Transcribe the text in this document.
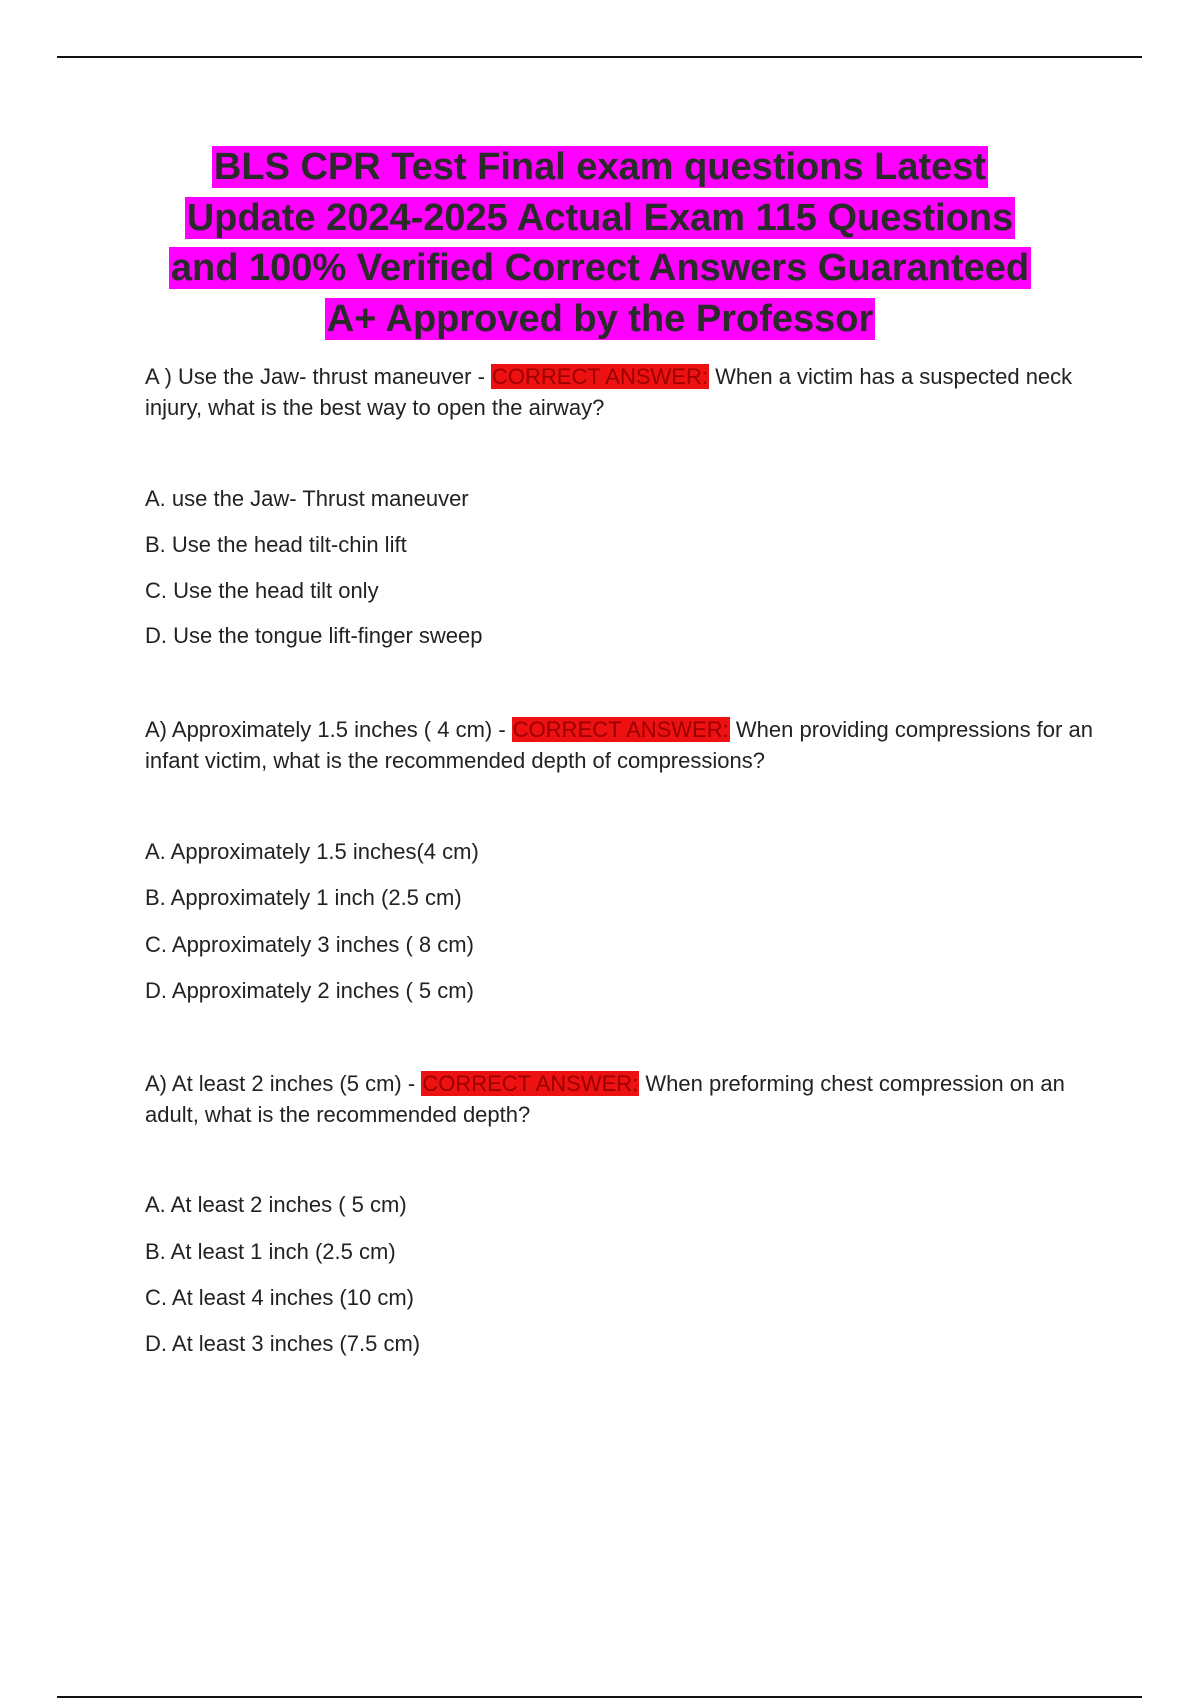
BLS CPR Test Final exam questions Latest
Update 2024-2025 Actual Exam 115 Questions
and 100% Verified Correct Answers Guaranteed
A+ Approved by the Professor
A ) Use the Jaw- thrust maneuver - CORRECT ANSWER: When a victim has a suspected neck injury, what is the best way to open the airway?
A. use the Jaw- Thrust maneuver
B. Use the head tilt-chin lift
C. Use the head tilt only
D. Use the tongue lift-finger sweep
A) Approximately 1.5 inches ( 4 cm) - CORRECT ANSWER: When providing compressions for an infant victim, what is the recommended depth of compressions?
A. Approximately 1.5 inches(4 cm)
B. Approximately 1 inch (2.5 cm)
C. Approximately 3 inches ( 8 cm)
D. Approximately 2 inches ( 5 cm)
A) At least 2 inches (5 cm) - CORRECT ANSWER: When preforming chest compression on an adult, what is the recommended depth?
A. At least 2 inches ( 5 cm)
B. At least 1 inch (2.5 cm)
C. At least 4 inches (10 cm)
D. At least 3 inches (7.5 cm)
